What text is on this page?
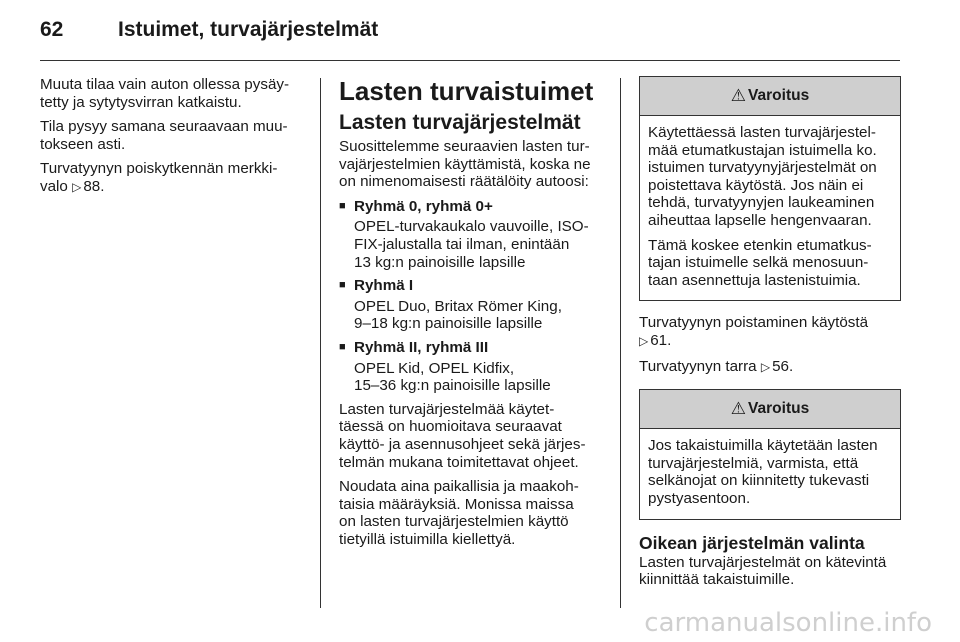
62	Istuimet, turvajärjestelmät

Muuta tilaa vain auton ollessa pysäy-
tetty ja sytytysvirran katkaistu.

Tila pysyy samana seuraavaan muu-
tokseen asti.

Turvatyynyn poiskytkennän merkki-
valo ▷ 88.

Lasten turvaistuimet
Lasten turvajärjestelmät

Suosittelemme seuraavien lasten tur-
vajärjestelmien käyttämistä, koska ne
on nimenomaisesti räätälöity autoosi:

■ Ryhmä 0, ryhmä 0+
OPEL-turvakaukalo vauvoille, ISO-
FIX-jalustalla tai ilman, enintään
13 kg:n painoisille lapsille
■ Ryhmä I
OPEL Duo, Britax Römer King,
9–18 kg:n painoisille lapsille
■ Ryhmä II, ryhmä III
OPEL Kid, OPEL Kidfix,
15–36 kg:n painoisille lapsille

Lasten turvajärjestelmää käytet-
täessä on huomioitava seuraavat
käyttö- ja asennusohjeet sekä järjes-
telmän mukana toimitettavat ohjeet.

Noudata aina paikallisia ja maakoh-
taisia määräyksiä. Monissa maissa
on lasten turvajärjestelmien käyttö
tietyillä istuimilla kiellettyä.

⚠ Varoitus

Käytettäessä lasten turvajärjestel-
mää etumatkustajan istuimella ko.
istuimen turvatyynyjärjestelmät on
poistettava käytöstä. Jos näin ei
tehdä, turvatyynyjen laukeaminen
aiheuttaa lapselle hengenvaaran.

Tämä koskee etenkin etumatkus-
tajan istuimelle selkä menosuun-
taan asennettuja lastenistuimia.

Turvatyynyn poistaminen käytöstä
▷ 61.

Turvatyynyn tarra ▷ 56.

⚠ Varoitus

Jos takaistuimilla käytetään lasten
turvajärjestelmiä, varmista, että
selkänojat on kiinnitetty tukevasti
pystyasentoon.

Oikean järjestelmän valinta

Lasten turvajärjestelmät on kätevintä
kiinnittää takaistuimille.

carmanualsonline.info
